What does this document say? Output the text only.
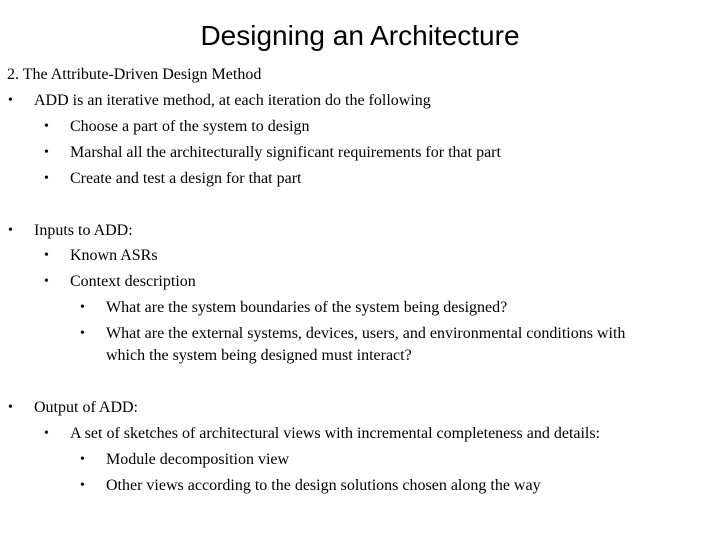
Designing an Architecture
2. The Attribute-Driven Design Method
• ADD is an iterative method, at each iteration do the following
• Choose a part of the system to design
• Marshal all the architecturally significant requirements for that part
• Create and test a design for that part
• Inputs to ADD:
• Known ASRs
• Context description
• What are the system boundaries of the system being designed?
• What are the external systems, devices, users, and environmental conditions with
which the system being designed must interact?
• Output of ADD:
• A set of sketches of architectural views with incremental completeness and details:
• Module decomposition view
• Other views according to the design solutions chosen along the way
